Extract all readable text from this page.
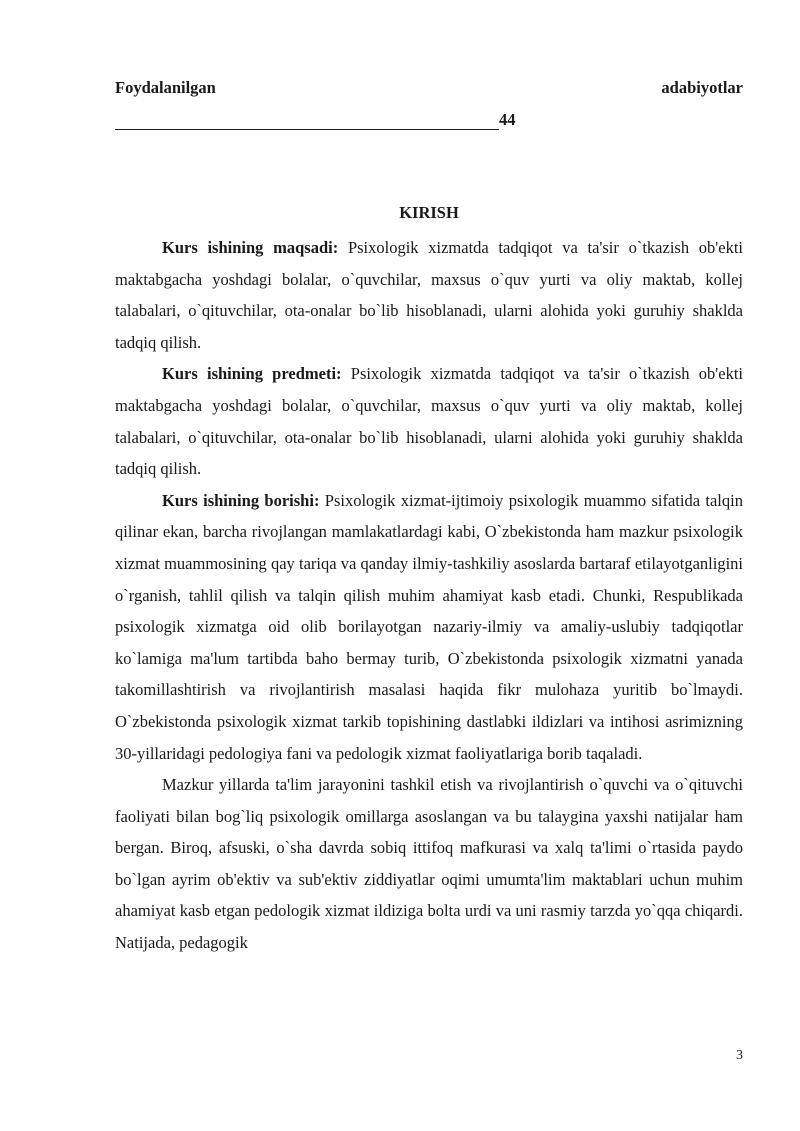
Foydalanilgan	adabiyotlar
44
KIRISH

Kurs ishining maqsadi: Psixologik xizmatda tadqiqot va ta'sir o`tkazish ob'ekti maktabgacha yoshdagi bolalar, o`quvchilar, maxsus o`quv yurti va oliy maktab, kollej talabalari, o`qituvchilar, ota-onalar bo`lib hisoblanadi, ularni alohida yoki guruhiy shaklda tadqiq qilish.

Kurs ishining predmeti: Psixologik xizmatda tadqiqot va ta'sir o`tkazish ob'ekti maktabgacha yoshdagi bolalar, o`quvchilar, maxsus o`quv yurti va oliy maktab, kollej talabalari, o`qituvchilar, ota-onalar bo`lib hisoblanadi, ularni alohida yoki guruhiy shaklda tadqiq qilish.

Kurs ishining borishi: Psixologik xizmat-ijtimoiy psixologik muammo sifatida talqin qilinar ekan, barcha rivojlangan mamlakatlardagi kabi, O`zbekistonda ham mazkur psixologik xizmat muammosining qay tariqa va qanday ilmiy-tashkiliy asoslarda bartaraf etilayotganligini o`rganish, tahlil qilish va talqin qilish muhim ahamiyat kasb etadi. Chunki, Respublikada psixologik xizmatga oid olib borilayotgan nazariy-ilmiy va amaliy-uslubiy tadqiqotlar ko`lamiga ma'lum tartibda baho bermay turib, O`zbekistonda psixologik xizmatni yanada takomillashtirish va rivojlantirish masalasi haqida fikr mulohaza yuritib bo`lmaydi. O`zbekistonda psixologik xizmat tarkib topishining dastlabki ildizlari va intihosi asrimizning 30-yillaridagi pedologiya fani va pedologik xizmat faoliyatlariga borib taqaladi.

Mazkur yillarda ta'lim jarayonini tashkil etish va rivojlantirish o`quvchi va o`qituvchi faoliyati bilan bog`liq psixologik omillarga asoslangan va bu talaygina yaxshi natijalar ham bergan. Biroq, afsuski, o`sha davrda sobiq ittifoq mafkurasi va xalq ta'limi o`rtasida paydo bo`lgan ayrim ob'ektiv va sub'ektiv ziddiyatlar oqimi umumta'lim maktablari uchun muhim ahamiyat kasb etgan pedologik xizmat ildiziga bolta urdi va uni rasmiy tarzda yo`qqa chiqardi. Natijada, pedagogik

3
